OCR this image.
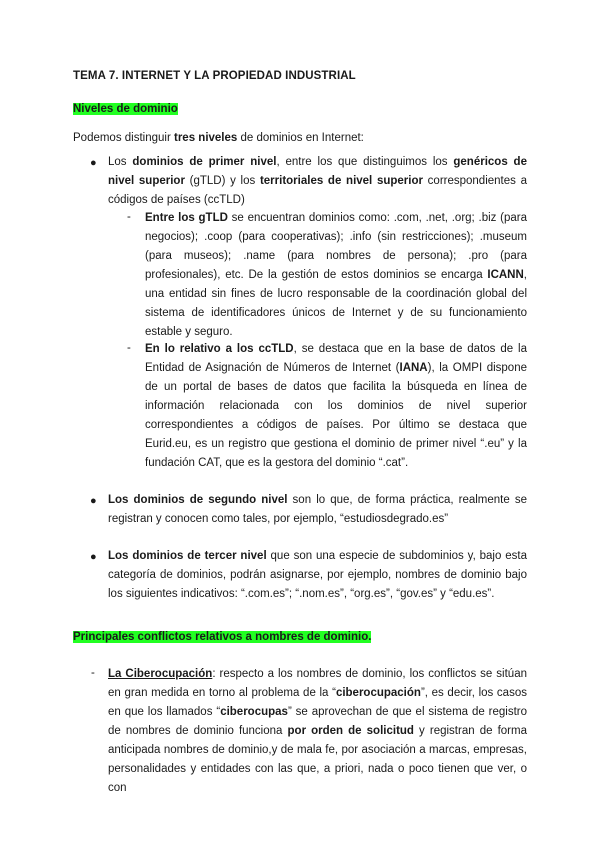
TEMA 7. INTERNET Y LA PROPIEDAD INDUSTRIAL
Niveles de dominio
Podemos distinguir tres niveles de dominios en Internet:
● Los dominios de primer nivel, entre los que distinguimos los genéricos de nivel superior (gTLD) y los territoriales de nivel superior correspondientes a códigos de países (ccTLD)
- Entre los gTLD se encuentran dominios como: .com, .net, .org; .biz (para negocios); .coop (para cooperativas); .info (sin restricciones); .museum (para museos); .name (para nombres de persona); .pro (para profesionales), etc. De la gestión de estos dominios se encarga ICANN, una entidad sin fines de lucro responsable de la coordinación global del sistema de identificadores únicos de Internet y de su funcionamiento estable y seguro.
- En lo relativo a los ccTLD, se destaca que en la base de datos de la Entidad de Asignación de Números de Internet (IANA), la OMPI dispone de un portal de bases de datos que facilita la búsqueda en línea de información relacionada con los dominios de nivel superior correspondientes a códigos de países. Por último se destaca que Eurid.eu, es un registro que gestiona el dominio de primer nivel “.eu” y la fundación CAT, que es la gestora del dominio “.cat”.
● Los dominios de segundo nivel son lo que, de forma práctica, realmente se registran y conocen como tales, por ejemplo, “estudiosdegrado.es”
● Los dominios de tercer nivel que son una especie de subdominios y, bajo esta categoría de dominios, podrán asignarse, por ejemplo, nombres de dominio bajo los siguientes indicativos: “.com.es”; “.nom.es”, “org.es”, “gov.es” y “edu.es”.
Principales conflictos relativos a nombres de dominio.
- La Ciberocupación: respecto a los nombres de dominio, los conflictos se sitúan en gran medida en torno al problema de la “ciberocupación”, es decir, los casos en que los llamados “ciberocupas” se aprovechan de que el sistema de registro de nombres de dominio funciona por orden de solicitud y registran de forma anticipada nombres de dominio,y de mala fe, por asociación a marcas, empresas, personalidades y entidades con las que, a priori, nada o poco tienen que ver, o con
